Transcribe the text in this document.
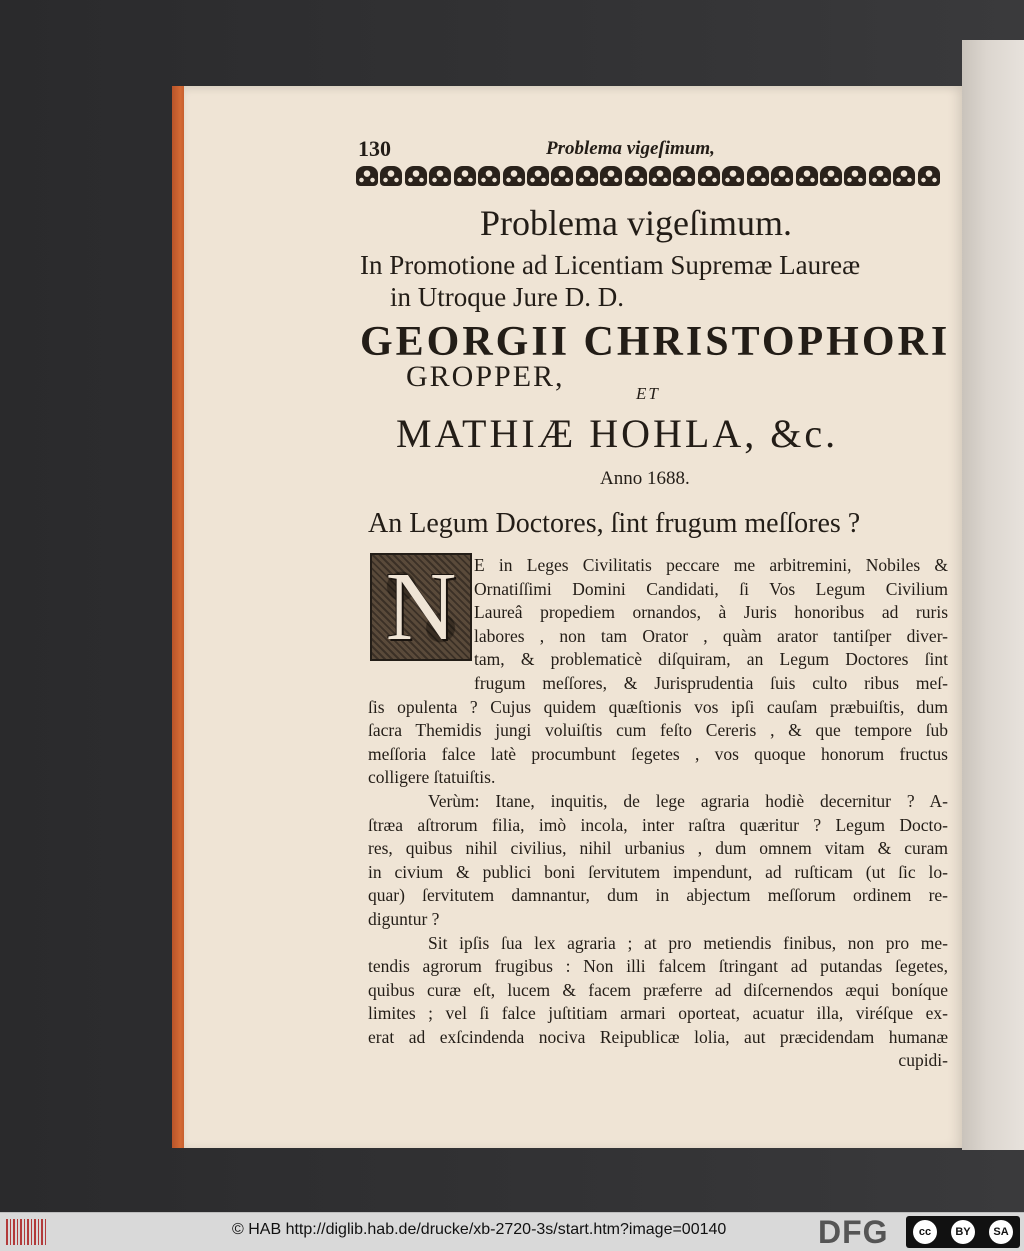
130	Problema vigeſimum,
Problema vigeſimum.
In Promotione ad Licentiam Supremæ Laureæ
in Utroque Jure D. D.
GEORGII CHRISTOPHORI
GROPPER,
ET
MATHIÆ HOHLA, &c.
Anno 1688.
An Legum Doctores, ſint frugum meſſores ?
N	E in Leges Civilitatis peccare me arbitremini, Nobiles &
Ornatiſſimi Domini Candidati, ſi Vos Legum Civilium
Laureâ propediem ornandos, à Juris honoribus ad ruris
labores , non tam Orator , quàm arator tantiſper diver-
tam, & problematicè diſquiram, an Legum Doctores ſint
frugum meſſores, & Jurisprudentia ſuis culto ribus meſ-
ſis opulenta ? Cujus quidem quæſtionis vos ipſi cauſam præbuiſtis, dum
ſacra Themidis jungi voluiſtis cum feſto Cereris , & que tempore ſub
meſſoria falce latè procumbunt ſegetes , vos quoque honorum fructus
colligere ſtatuiſtis.
Verùm: Itane, inquitis, de lege agraria hodiè decernitur ? A-
ſtræa aſtrorum filia, imò incola, inter raſtra quæritur ? Legum Docto-
res, quibus nihil civilius, nihil urbanius , dum omnem vitam & curam
in civium & publici boni ſervitutem impendunt, ad ruſticam (ut ſic lo-
quar) ſervitutem damnantur, dum in abjectum meſſorum ordinem re-
diguntur ?
Sit ipſis ſua lex agraria ; at pro metiendis finibus, non pro me-
tendis agrorum frugibus : Non illi falcem ſtringant ad putandas ſegetes,
quibus curæ eſt, lucem & facem præferre ad diſcernendos æqui boníque
limites ; vel ſi falce juſtitiam armari oporteat, acuatur illa, viréſque ex-
erat ad exſcindenda nociva Reipublicæ lolia, aut præcidendam humanæ
cupidi-
© HAB http://diglib.hab.de/drucke/xb-2720-3s/start.htm?image=00140	DFG	cc	BY	SA
